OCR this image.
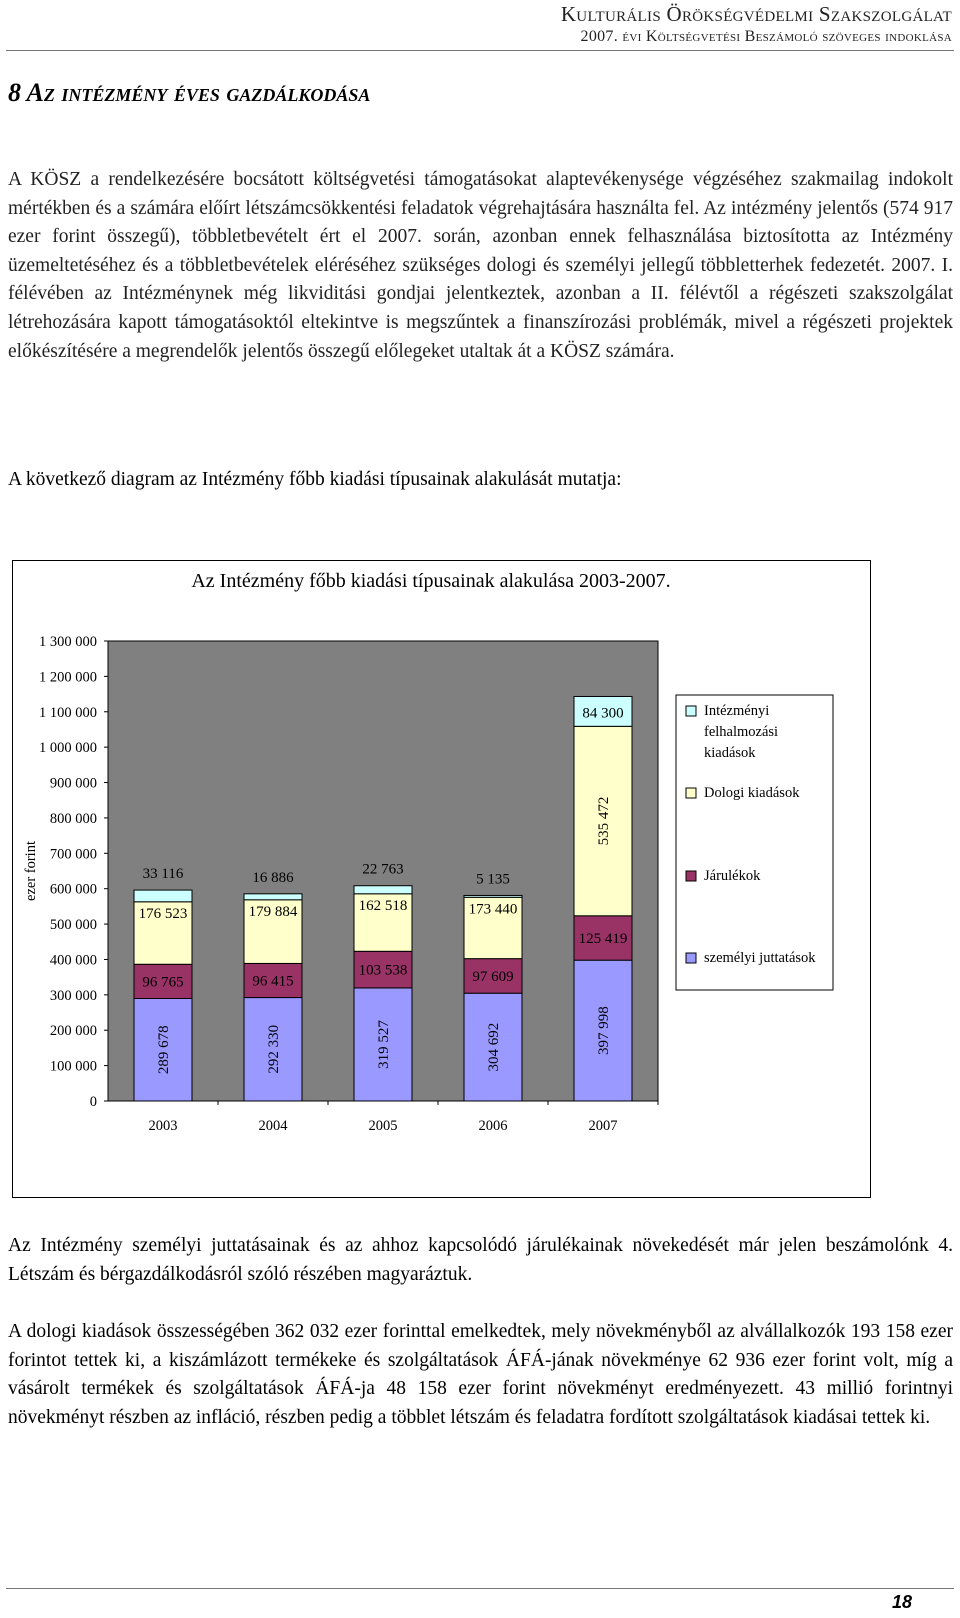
Kulturális Örökségvédelmi Szakszolgálat
2007. évi Költségvetési Beszámoló szöveges indoklása
8 Az intézmény éves gazdálkodása

A KÖSZ a rendelkezésére bocsátott költségvetési támogatásokat alaptevékenysége végzéséhez szakmailag indokolt mértékben és a számára előírt létszámcsökkentési feladatok végrehajtására használta fel. Az intézmény jelentős (574 917 ezer forint összegű), többletbevételt ért el 2007. során, azonban ennek felhasználása biztosította az Intézmény üzemeltetéséhez és a többletbevételek eléréséhez szükséges dologi és személyi jellegű többletterhek fedezetét. 2007. I. félévében az Intézménynek még likviditási gondjai jelentkeztek, azonban a II. félévtől a régészeti szakszolgálat létrehozására kapott támogatásoktól eltekintve is megszűntek a finanszírozási problémák, mivel a régészeti projektek előkészítésére a megrendelők jelentős összegű előlegeket utaltak át a KÖSZ számára.

A következő diagram az Intézmény főbb kiadási típusainak alakulását mutatja:

Az Intézmény főbb kiadási típusainak alakulása 2003-2007.
0
100 000
200 000
300 000
400 000
500 000
600 000
700 000
800 000
900 000
1 000 000
1 100 000
1 200 000
1 300 000
ezer forint
2003
289 678
96 765
176 523
33 116
2004
292 330
96 415
179 884
16 886
2005
319 527
103 538
162 518
22 763
2006
304 692
97 609
173 440
5 135
2007
397 998
125 419
535 472
84 300	Intézményi felhalmozási kiadások
Dologi kiadások
Járulékok
személyi juttatások

Az Intézmény személyi juttatásainak és az ahhoz kapcsolódó járulékainak növekedését már jelen beszámolónk 4. Létszám és bérgazdálkodásról szóló részében magyaráztuk.

A dologi kiadások összességében 362 032 ezer forinttal emelkedtek, mely növekményből az alvállalkozók 193 158 ezer forintot tettek ki, a kiszámlázott termékeke és szolgáltatások ÁFÁ-jának növekménye 62 936 ezer forint volt, míg a vásárolt termékek és szolgáltatások ÁFÁ-ja 48 158 ezer forint növekményt eredményezett. 43 millió forintnyi növekményt részben az infláció, részben pedig a többlet létszám és feladatra fordított szolgáltatások kiadásai tettek ki.

18
